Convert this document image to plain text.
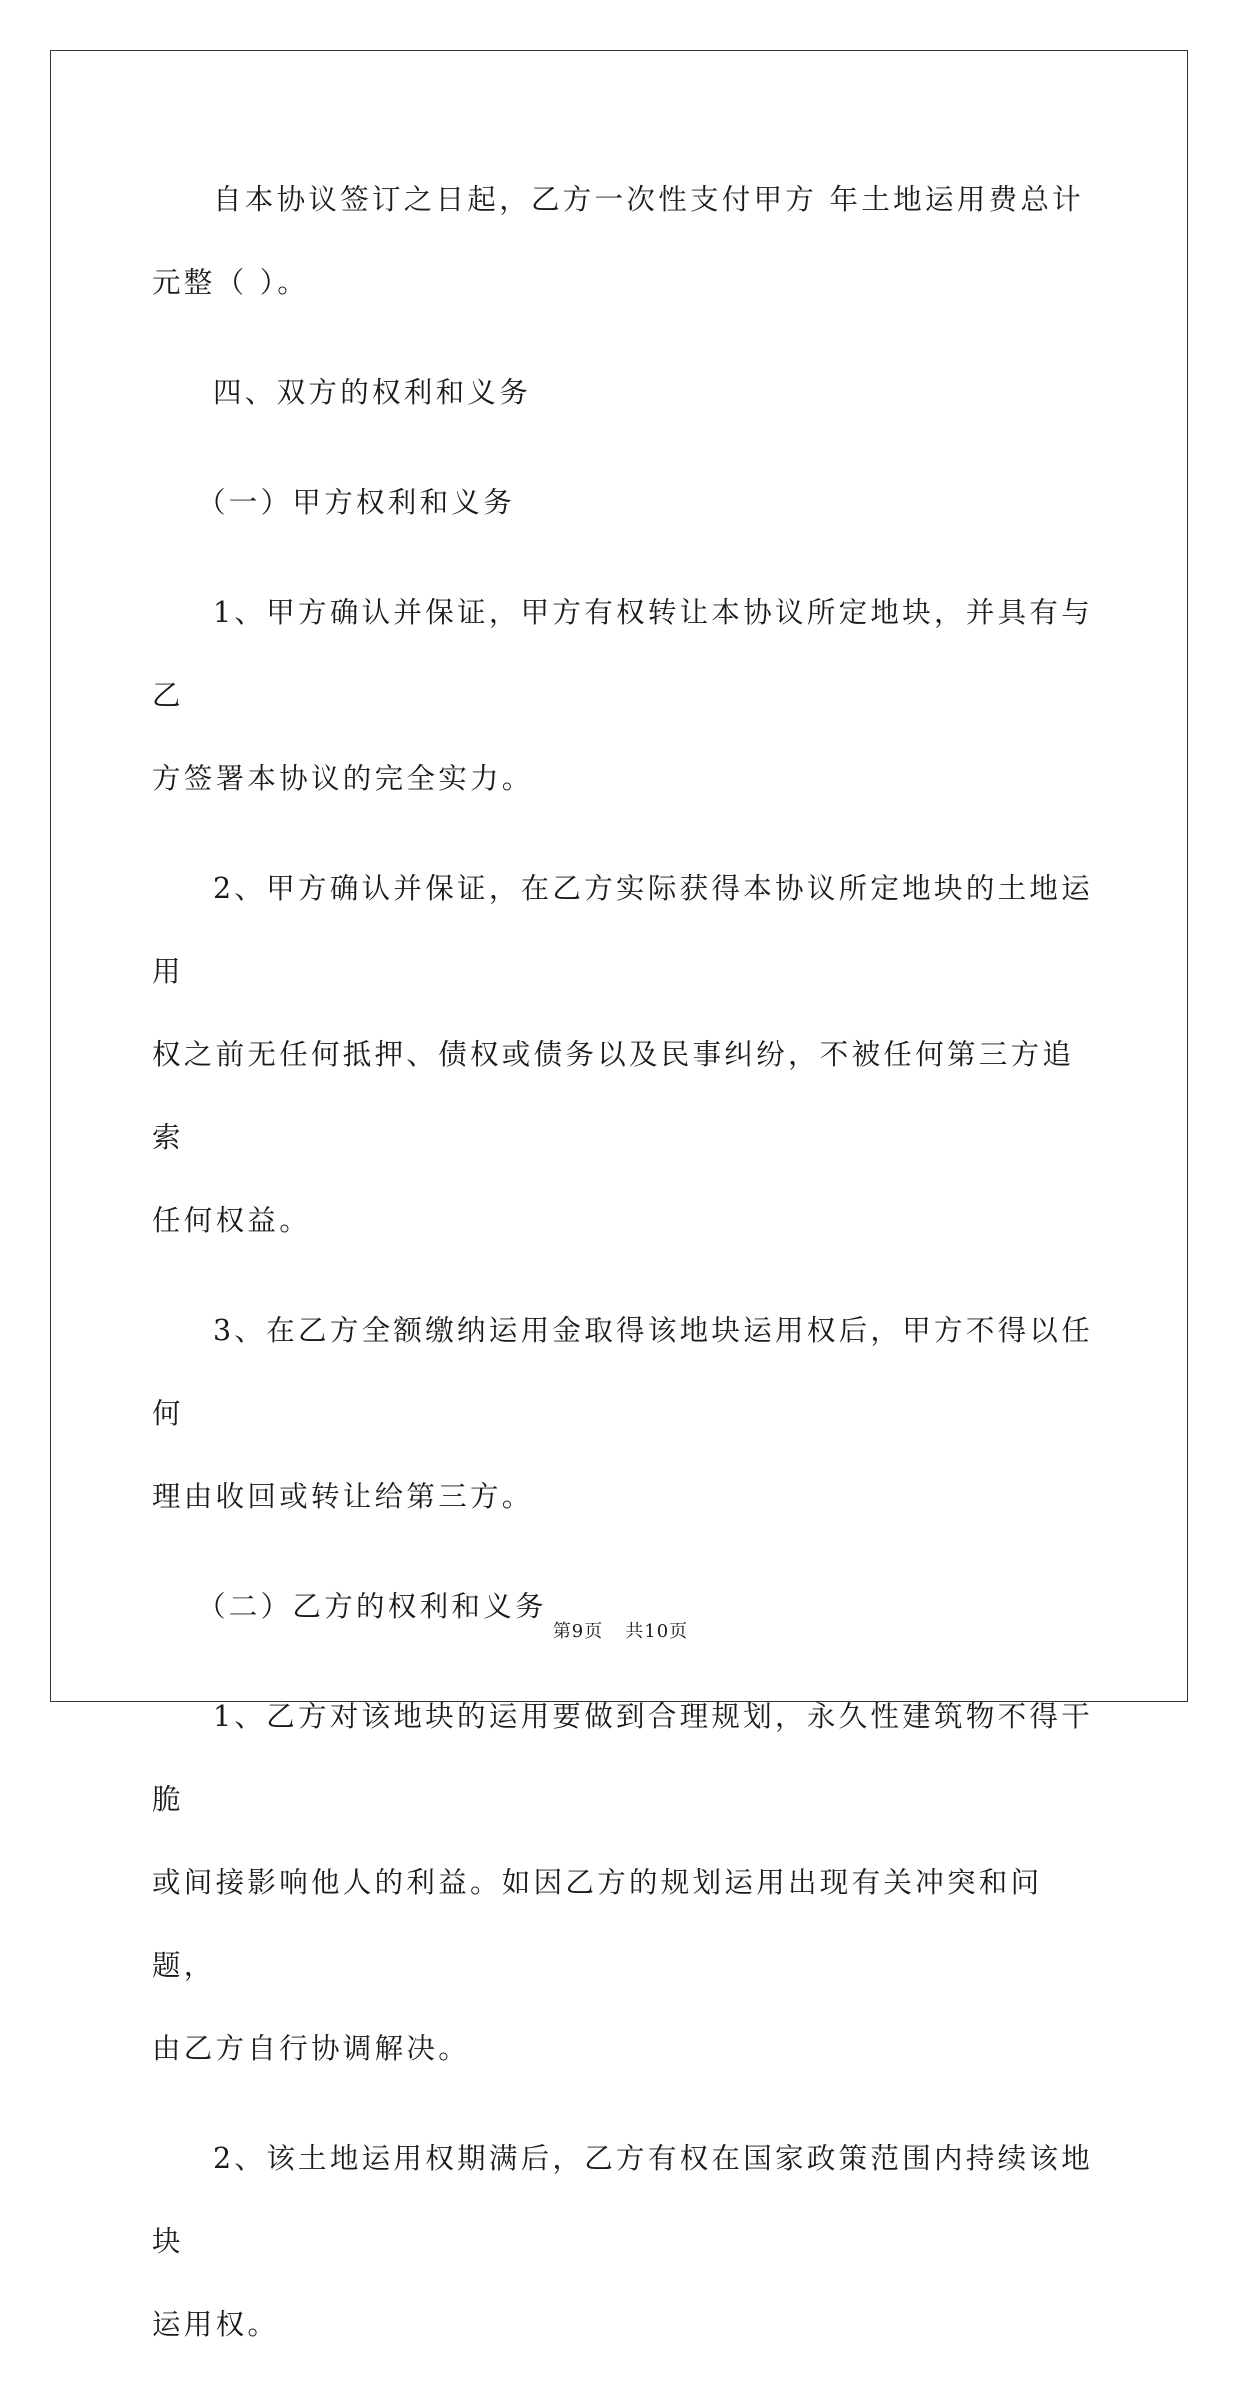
自本协议签订之日起，乙方一次性支付甲方 年土地运用费总计
元整（ ）。

四、双方的权利和义务

（一）甲方权利和义务

1、甲方确认并保证，甲方有权转让本协议所定地块，并具有与乙
方签署本协议的完全实力。

2、甲方确认并保证，在乙方实际获得本协议所定地块的土地运用
权之前无任何抵押、债权或债务以及民事纠纷，不被任何第三方追索
任何权益。

3、在乙方全额缴纳运用金取得该地块运用权后，甲方不得以任何
理由收回或转让给第三方。

（二）乙方的权利和义务

1、乙方对该地块的运用要做到合理规划，永久性建筑物不得干脆
或间接影响他人的利益。如因乙方的规划运用出现有关冲突和问题，
由乙方自行协调解决。

2、该土地运用权期满后，乙方有权在国家政策范围内持续该地块
运用权。

第9页 共10页
